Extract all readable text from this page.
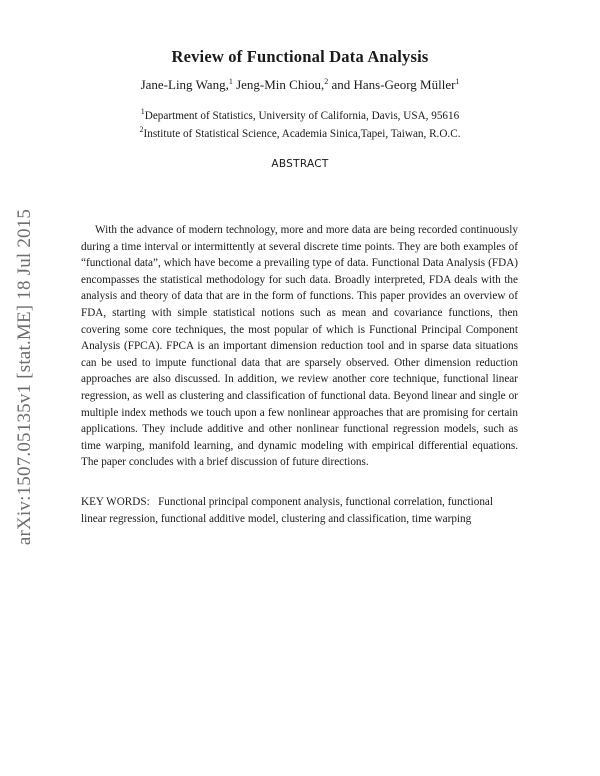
arXiv:1507.05135v1 [stat.ME] 18 Jul 2015
Review of Functional Data Analysis
Jane-Ling Wang,$^1$ Jeng-Min Chiou,$^2$ and Hans-Georg Müller$^1$
$^1$Department of Statistics, University of California, Davis, USA, 95616
$^2$Institute of Statistical Science, Academia Sinica,Tapei, Taiwan, R.O.C.
ABSTRACT

With the advance of modern technology, more and more data are being recorded continuously during a time interval or intermittently at several discrete time points. They are both examples of “functional data”, which have become a prevailing type of data. Functional Data Analysis (FDA) encompasses the statistical methodology for such data. Broadly interpreted, FDA deals with the analysis and theory of data that are in the form of functions. This paper provides an overview of FDA, starting with simple statistical notions such as mean and covariance functions, then covering some core techniques, the most popular of which is Functional Principal Component Analysis (FPCA). FPCA is an important dimension reduction tool and in sparse data situations can be used to impute functional data that are sparsely observed. Other dimension reduction approaches are also discussed. In addition, we review another core technique, functional linear regression, as well as clustering and classification of functional data. Beyond linear and single or multiple index methods we touch upon a few nonlinear approaches that are promising for certain applications. They include additive and other nonlinear functional regression models, such as time warping, manifold learning, and dynamic modeling with empirical differential equations. The paper concludes with a brief discussion of future directions.

KEY WORDS: Functional principal component analysis, functional correlation, functional linear regression, functional additive model, clustering and classification, time warping
